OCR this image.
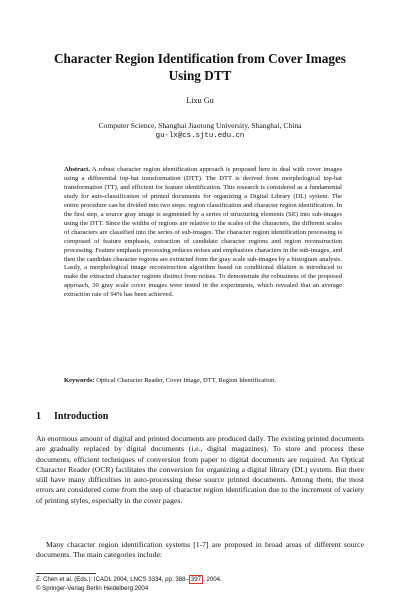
Character Region Identification from Cover Images Using DTT
Lixu Gu
Computer Science, Shanghai Jiaotong University, Shanghai, China
gu-lx@cs.sjtu.edu.cn

Abstract. A robust character region identification approach is proposed here to deal with cover images using a differential top-hat transformation (DTT). The DTT is derived from morphological top-hat transformation (TT), and efficient for feature identification. This research is considered as a fundamental study for auto-classification of printed documents for organizing a Digital Library (DL) system. The entire procedure can be divided into two steps: region classification and character region identification. In the first step, a source gray image is segmented by a series of structuring elements (SE) into sub-images using the DTT. Since the widths of regions are relative to the scales of the characters, the different scales of characters are classified into the series of sub-images. The character region identification processing is composed of feature emphasis, extraction of candidate character regions and region reconstruction processing. Feature emphasis processing reduces noises and emphasizes characters in the sub-images, and then the candidate character regions are extracted from the gray scale sub-images by a histogram analysis. Lastly, a morphological image reconstruction algorithm based on conditional dilation is introduced to make the extracted character regions distinct from noises. To demonstrate the robustness of the proposed approach, 30 gray scale cover images were tested in the experiments, which revealed that an average extraction rate of 94% has been achieved.

Keywords: Optical Character Reader, Cover Image, DTT, Region Identification.

1 Introduction

An enormous amount of digital and printed documents are produced daily. The existing printed documents are gradually replaced by digital documents (i.e., digital magazines). To store and process these documents, efficient techniques of conversion from paper to digital documents are required. An Optical Character Reader (OCR) facilitates the conversion for organizing a digital library (DL) system. But there still have many difficulties in auto-processing these source printed documents. Among them, the most errors are considered come from the step of character region identification due to the increment of variety of printing styles, especially in the cover pages.

Many character region identification systems [1-7] are proposed in broad areas of different source documents. The main categories include:

Z. Chen et al. (Eds.): ICADL 2004, LNCS 3334, pp. 388– 397 , 2004.
© Springer-Verlag Berlin Heidelberg 2004
